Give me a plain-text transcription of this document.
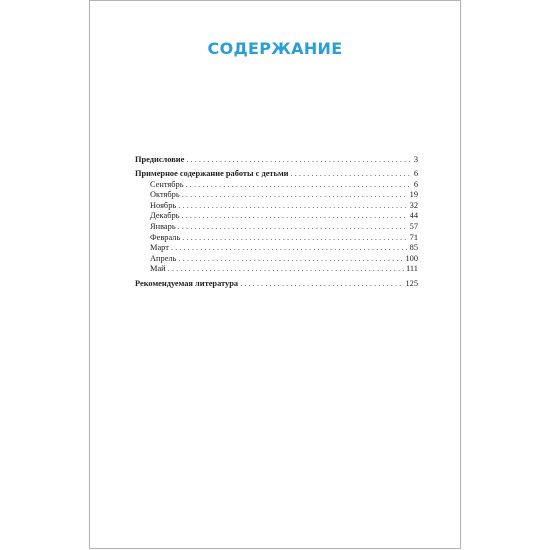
СОДЕРЖАНИЕ
Предисловие . . .	3
Примерное содержание работы с детьми . . .	6
Сентябрь . . .	6
Октябрь . . .	19
Ноябрь . . .	32
Декабрь . . .	44
Январь . . .	57
Февраль . . .	71
Март . . .	85
Апрель . . .	100
Май . . .	111
Рекомендуемая литература . . .	125
